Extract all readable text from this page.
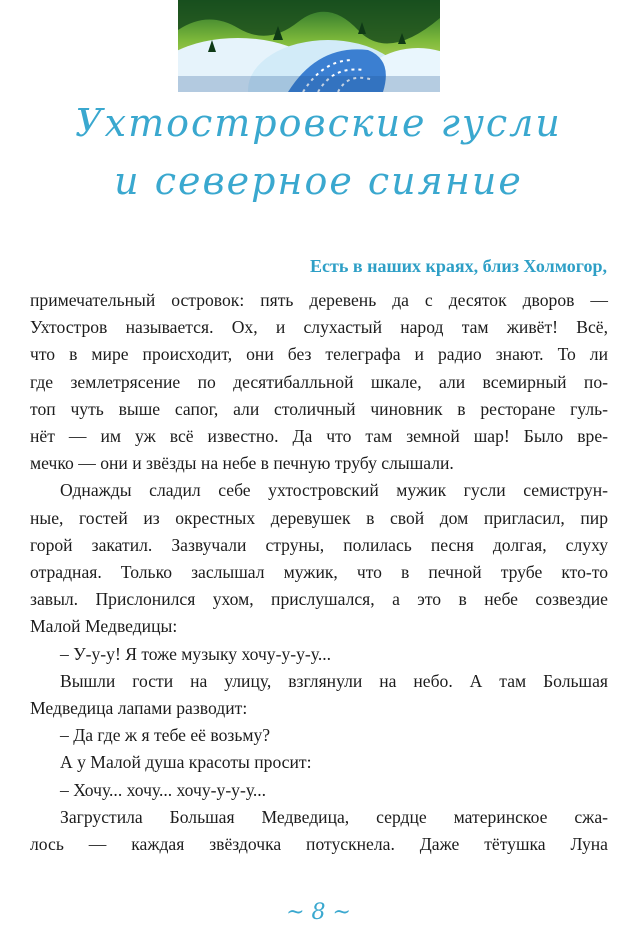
Ухтостровские гусли
и северное сияние
Есть в наших краях, близ Холмогор,
примечательный островок: пять деревень да с десяток дворов —
Ухтостров называется. Ох, и слухастый народ там живёт! Всё,
что в мире происходит, они без телеграфа и радио знают. То ли
где землетрясение по десятибалльной шкале, али всемирный по-
топ чуть выше сапог, али столичный чиновник в ресторане гуль-
нёт — им уж всё известно. Да что там земной шар! Было вре-
мечко — они и звёзды на небе в печную трубу слышали.
Однажды сладил себе ухтостровский мужик гусли семиструн-
ные, гостей из окрестных деревушек в свой дом пригласил, пир
горой закатил. Зазвучали струны, полилась песня долгая, слуху
отрадная. Только заслышал мужик, что в печной трубе кто-то
завыл. Прислонился ухом, прислушался, а это в небе созвездие
Малой Медведицы:
– У-у-у! Я тоже музыку хочу-у-у-у...
Вышли гости на улицу, взглянули на небо. А там Большая
Медведица лапами разводит:
– Да где ж я тебе её возьму?
А у Малой душа красоты просит:
– Хочу... хочу... хочу-у-у-у...
Загрустила Большая Медведица, сердце материнское сжа-
лось — каждая звёздочка потускнела. Даже тётушка Луна
~ 8 ~
